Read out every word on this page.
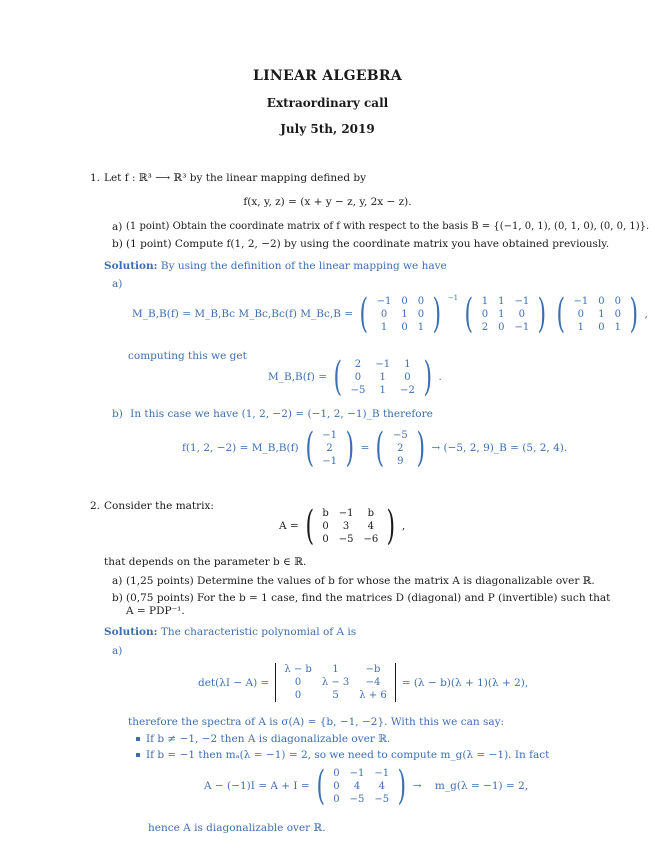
LINEAR ALGEBRA
Extraordinary call
July 5th, 2019
1. Let f : ℝ³ ⟶ ℝ³ by the linear mapping defined by
f(x, y, z) = (x + y − z, y, 2x − z).
a) (1 point) Obtain the coordinate matrix of f with respect to the basis B = {(−1, 0, 1), (0, 1, 0), (0, 0, 1)}.
b) (1 point) Compute f(1, 2, −2) by using the coordinate matrix you have obtained previously.
Solution: By using the definition of the linear mapping we have
a)
M_B,B(f) = M_B,Bc M_Bc,Bc(f) M_Bc,B = ( −1	0	0
0	1	0
1	0	1 ) $^{-1}$ ( 1	1	−1
0	1	0
2	0	−1 ) ( −1	0	0
0	1	0
1	0	1 ) ,
computing this we get
M_B,B(f) = ( 2	−1	1
0	1	0
−5	1	−2 ) .
b) In this case we have (1, 2, −2) = (−1, 2, −1)_B therefore
f(1, 2, −2) = M_B,B(f) ( −1
2
−1 ) = ( −5
2
9 ) → (−5, 2, 9)_B = (5, 2, 4).
2. Consider the matrix:
A = ( b	−1	b
0	3	4
0	−5	−6 ) ,
that depends on the parameter b ∈ ℝ.
a) (1,25 points) Determine the values of b for whose the matrix A is diagonalizable over ℝ.
b) (0,75 points) For the b = 1 case, find the matrices D (diagonal) and P (invertible) such that
A = PDP⁻¹.
Solution: The characteristic polynomial of A is
a)
det(λI − A) =
λ − b	1	−b
0	λ − 3	−4
0	5	λ + 6
= (λ − b)(λ + 1)(λ + 2),
therefore the spectra of A is σ(A) = {b, −1, −2}. With this we can say:
If b ≠ −1, −2 then A is diagonalizable over ℝ.
If b = −1 then mₐ(λ = −1) = 2, so we need to compute m_g(λ = −1). In fact
A − (−1)I = A + I = ( 0	−1	−1
0	4	4
0	−5	−5 ) →    m_g(λ = −1) = 2,
hence A is diagonalizable over ℝ.
